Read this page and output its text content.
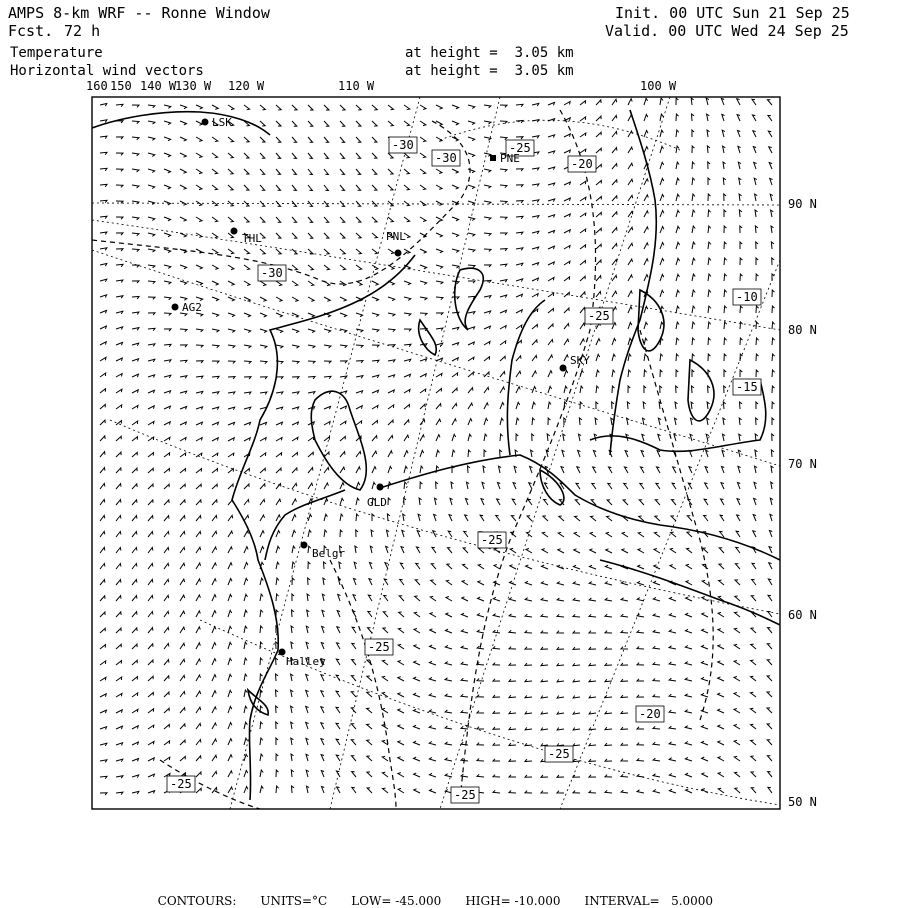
AMPS 8-km WRF -- Ronne Window
Fcst. 72 h
Init. 00 UTC Sun 21 Sep 25
Valid. 00 UTC Wed 24 Sep 25
Temperature	at height =  3.05 km
Horizontal wind vectors	at height =  3.05 km
160 150 140 W
130 W 120 W	110 W	100 W
90 N
80 N
70 N
60 N
50 N
-30
-30
-25
-20
-30
-25
-10
-15
-25
-25
-20
-25
-25
-25
LSK
PNE
THL	PNL
AG2
SKY
GLD
Belgr
Halley

CONTOURS: UNITS=°C LOW= -45.000 HIGH= -10.000 INTERVAL=   5.0000
